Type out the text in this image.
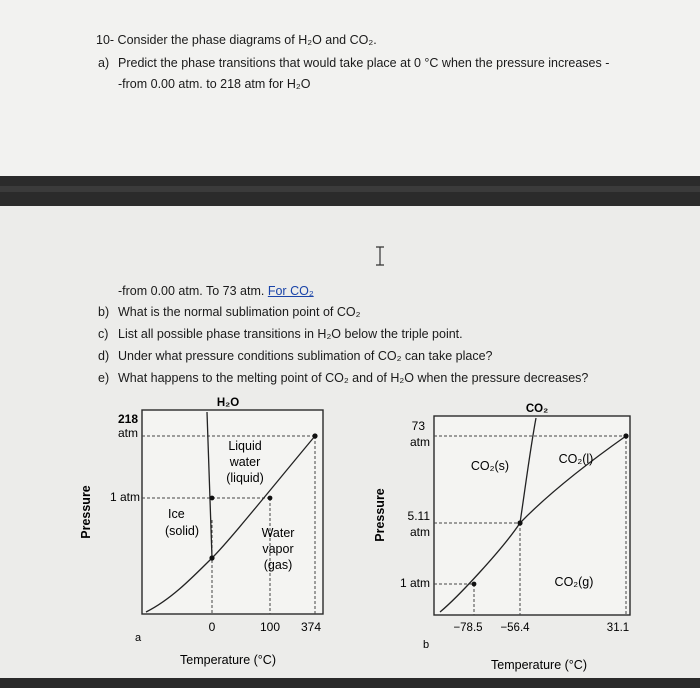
10- Consider the phase diagrams of H₂O and CO₂.
a) Predict the phase transitions that would take place at 0 °C when the pressure increases -
-from 0.00 atm. to 218 atm for H₂O
-from 0.00 atm. To 73 atm. For CO₂
b) What is the normal sublimation point of CO₂
c) List all possible phase transitions in H₂O below the triple point.
d) Under what pressure conditions sublimation of CO₂ can take place?
e) What happens to the melting point of CO₂ and of H₂O when the pressure decreases?
H₂O
218
atm
1 atm
0	100 374
Temperature (°C)
Pressure
a
Liquid
water
(liquid)
Ice
(solid)	Water
vapor
(gas)
CO₂
73
atm
5.11
atm
1 atm
−78.5 −56.4	31.1
Temperature (°C)
Pressure
b
CO₂(s)	CO₂(l)
CO₂(g)
